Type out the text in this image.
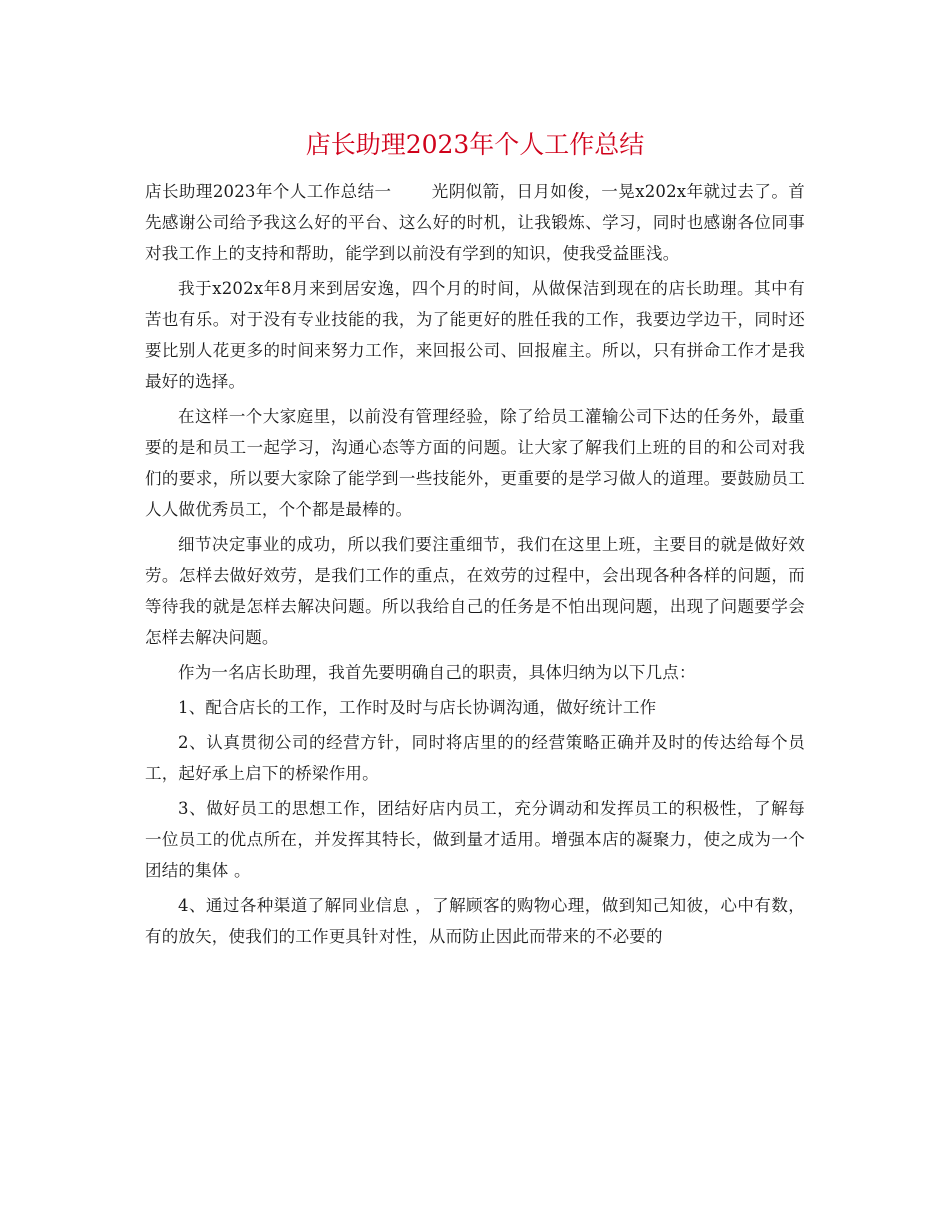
店长助理2023年个人工作总结

店长助理2023年个人工作总结一 光阴似箭，日月如俊，一晃x202x年就过去了。首先感谢公司给予我这么好的平台、这么好的时机，让我锻炼、学习，同时也感谢各位同事对我工作上的支持和帮助，能学到以前没有学到的知识，使我受益匪浅。

我于x202x年8月来到居安逸，四个月的时间，从做保洁到现在的店长助理。其中有苦也有乐。对于没有专业技能的我，为了能更好的胜任我的工作，我要边学边干，同时还要比别人花更多的时间来努力工作，来回报公司、回报雇主。所以，只有拼命工作才是我最好的选择。

在这样一个大家庭里，以前没有管理经验，除了给员工灌输公司下达的任务外，最重要的是和员工一起学习，沟通心态等方面的问题。让大家了解我们上班的目的和公司对我们的要求，所以要大家除了能学到一些技能外，更重要的是学习做人的道理。要鼓励员工人人做优秀员工，个个都是最棒的。

细节决定事业的成功，所以我们要注重细节，我们在这里上班，主要目的就是做好效劳。怎样去做好效劳，是我们工作的重点，在效劳的过程中，会出现各种各样的问题，而等待我的就是怎样去解决问题。所以我给自己的任务是不怕出现问题，出现了问题要学会怎样去解决问题。

作为一名店长助理，我首先要明确自己的职责，具体归纳为以下几点：

1、配合店长的工作，工作时及时与店长协调沟通，做好统计工作

2、认真贯彻公司的经营方针，同时将店里的的经营策略正确并及时的传达给每个员工，起好承上启下的桥梁作用。

3、做好员工的思想工作，团结好店内员工，充分调动和发挥员工的积极性，了解每一位员工的优点所在，并发挥其特长，做到量才适用。增强本店的凝聚力，使之成为一个团结的集体 。

4、通过各种渠道了解同业信息 ，了解顾客的购物心理，做到知己知彼，心中有数，有的放矢，使我们的工作更具针对性，从而防止因此而带来的不必要的
